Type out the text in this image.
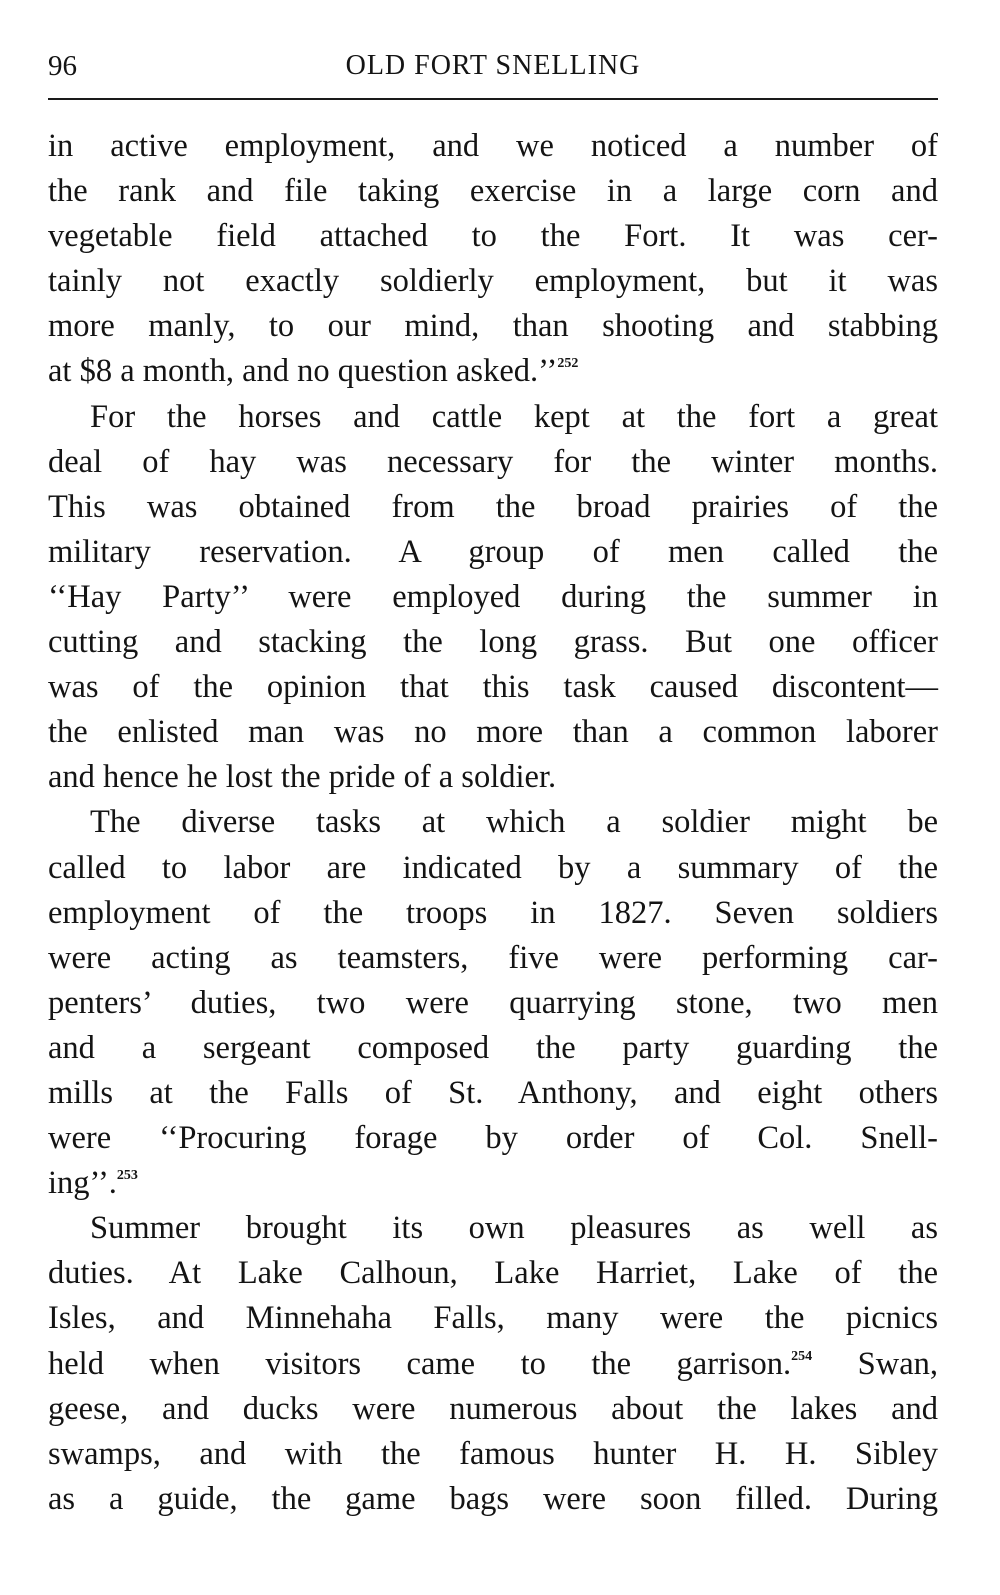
96	OLD FORT SNELLING
in active employment, and we noticed a number of
the rank and file taking exercise in a large corn and
vegetable field attached to the Fort. It was cer-
tainly not exactly soldierly employment, but it was
more manly, to our mind, than shooting and stabbing
at $8 a month, and no question asked.’’$^{252}$
For the horses and cattle kept at the fort a great
deal of hay was necessary for the winter months.
This was obtained from the broad prairies of the
military reservation. A group of men called the
‘‘Hay Party’’ were employed during the summer in
cutting and stacking the long grass. But one officer
was of the opinion that this task caused discontent—
the enlisted man was no more than a common laborer
and hence he lost the pride of a soldier.
The diverse tasks at which a soldier might be
called to labor are indicated by a summary of the
employment of the troops in 1827. Seven soldiers
were acting as teamsters, five were performing car-
penters’ duties, two were quarrying stone, two men
and a sergeant composed the party guarding the
mills at the Falls of St. Anthony, and eight others
were ‘‘Procuring forage by order of Col. Snell-
ing’’.$^{253}$
Summer brought its own pleasures as well as
duties. At Lake Calhoun, Lake Harriet, Lake of the
Isles, and Minnehaha Falls, many were the picnics
held when visitors came to the garrison.$^{254}$ Swan,
geese, and ducks were numerous about the lakes and
swamps, and with the famous hunter H. H. Sibley
as a guide, the game bags were soon filled. During
